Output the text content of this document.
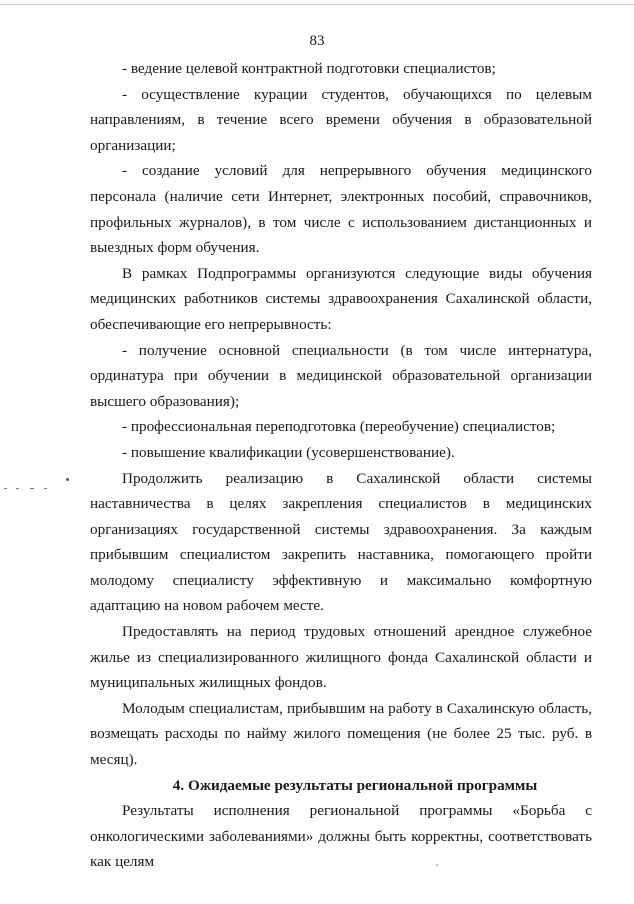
83

- ведение целевой контрактной подготовки специалистов;

- осуществление курации студентов, обучающихся по целевым направлениям, в течение всего времени обучения в образовательной организации;

- создание условий для непрерывного обучения медицинского персонала (наличие сети Интернет, электронных пособий, справочников, профильных журналов), в том числе с использованием дистанционных и выездных форм обучения.

В рамках Подпрограммы организуются следующие виды обучения медицинских работников системы здравоохранения Сахалинской области, обеспечивающие его непрерывность:

- получение основной специальности (в том числе интернатура, ординатура при обучении в медицинской образовательной организации высшего образования);

- профессиональная переподготовка (переобучение) специалистов;

- повышение квалификации (усовершенствование).

Продолжить реализацию в Сахалинской области системы наставничества в целях закрепления специалистов в медицинских организациях государственной системы здравоохранения. За каждым прибывшим специалистом закрепить наставника, помогающего пройти молодому специалисту эффективную и максимально комфортную адаптацию на новом рабочем месте.

Предоставлять на период трудовых отношений арендное служебное жилье из специализированного жилищного фонда Сахалинской области и муниципальных жилищных фондов.

Молодым специалистам, прибывшим на работу в Сахалинскую область, возмещать расходы по найму жилого помещения (не более 25 тыс. руб. в месяц).

4. Ожидаемые результаты региональной программы

Результаты исполнения региональной программы «Борьба с онкологическими заболеваниями» должны быть корректны, соответствовать как целям
